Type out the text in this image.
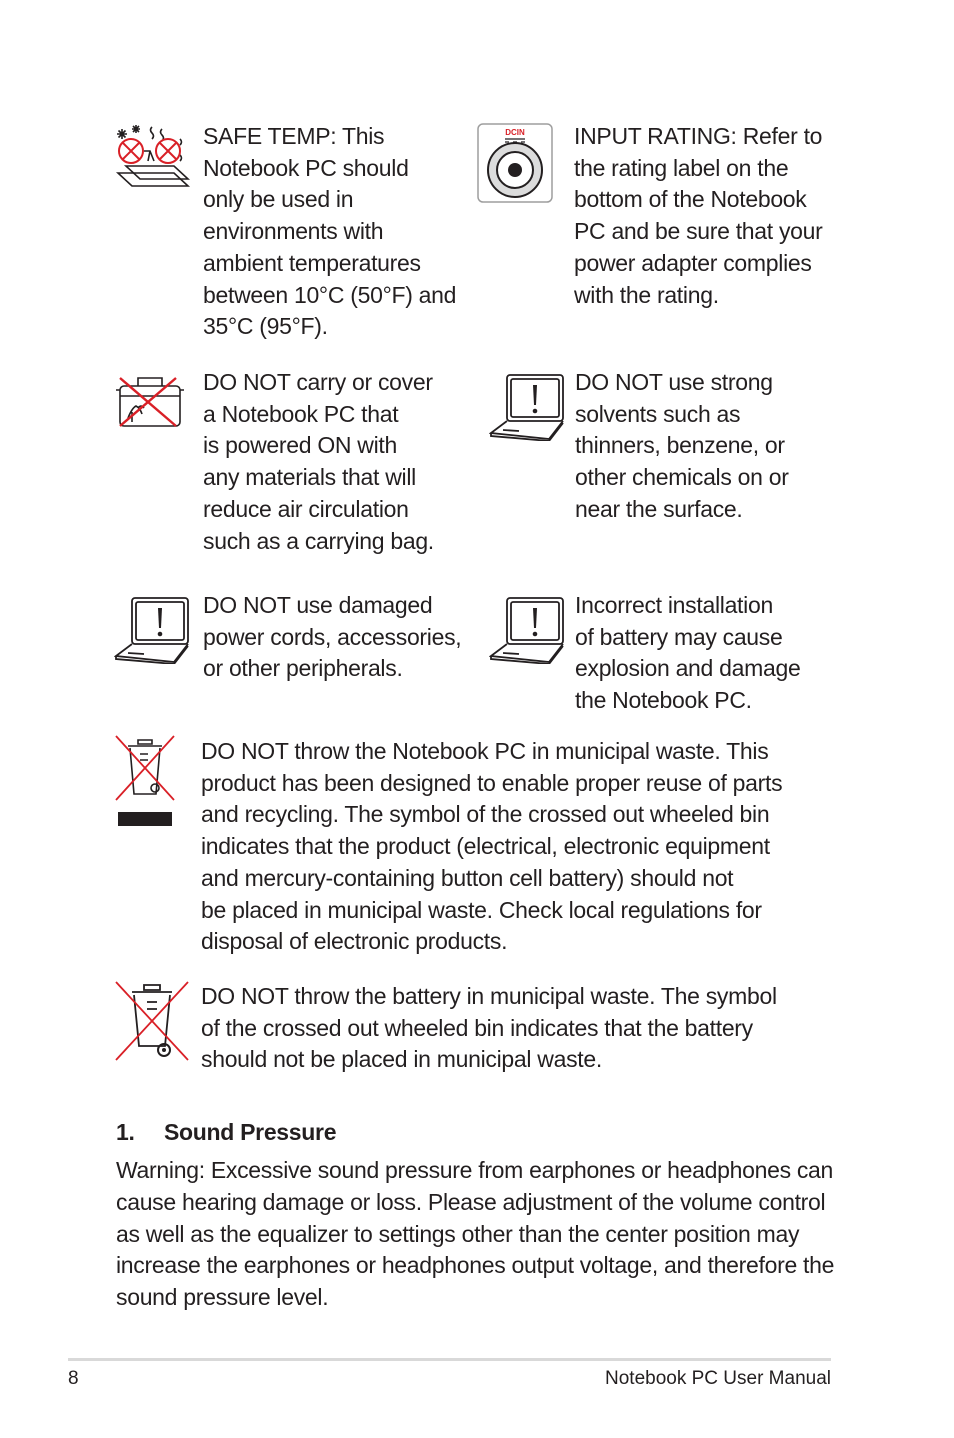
SAFE TEMP: This
Notebook PC should
only be used in
environments with
ambient temperatures
between 10°C (50°F) and
35°C (95°F).
DCIN INPUT RATING: Refer to
the rating label on the
bottom of the Notebook
PC and be sure that your
power adapter complies
with the rating.
DO NOT carry or cover
a Notebook PC that
is powered ON with
any materials that will
reduce air circulation
such as a carrying bag.
DO NOT use strong
solvents such as
thinners, benzene, or
other chemicals on or
near the surface.
DO NOT use damaged
power cords, accessories,
or other peripherals.
Incorrect installation
of battery may cause
explosion and damage
the Notebook PC.
DO NOT throw the Notebook PC in municipal waste. This
product has been designed to enable proper reuse of parts
and recycling. The symbol of the crossed out wheeled bin
indicates that the product (electrical, electronic equipment
and mercury-containing button cell battery) should not
be placed in municipal waste. Check local regulations for
disposal of electronic products.
DO NOT throw the battery in municipal waste. The symbol
of the crossed out wheeled bin indicates that the battery
should not be placed in municipal waste.
1. Sound Pressure
Warning: Excessive sound pressure from earphones or headphones can cause hearing damage or loss. Please adjustment of the volume control as well as the equalizer to settings other than the center position may increase the earphones or headphones output voltage, and therefore the sound pressure level.
8	Notebook PC User Manual
